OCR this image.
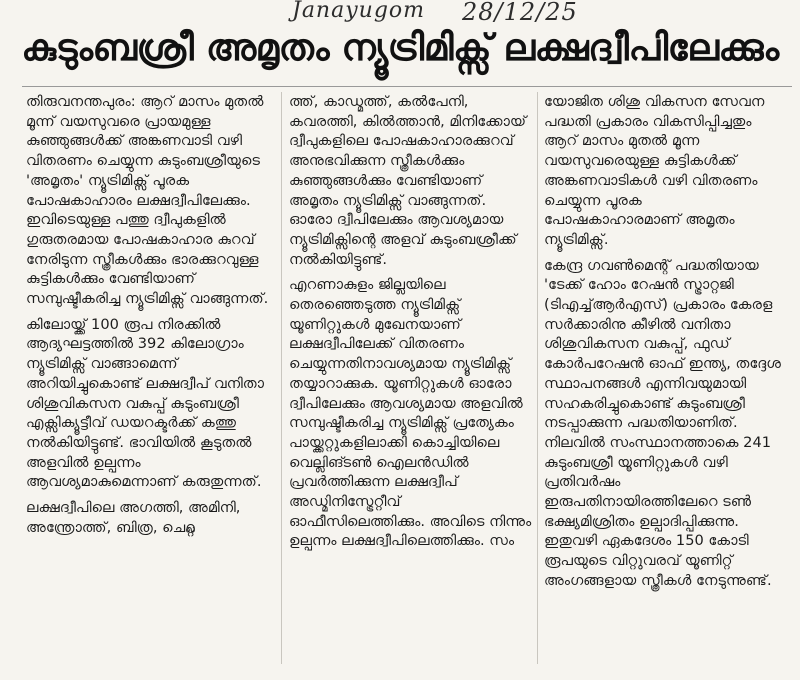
Janayugom 28/12/25
കുടുംബശ്രീ അമൃതം ന്യൂട്രിമിക്സ് ലക്ഷദ്വീപിലേക്കും

തിരുവനന്തപുരം: ആറ് മാസം മുതൽ മൂന്ന് വയസുവരെ പ്രായമുള്ള കുഞ്ഞുങ്ങൾക്ക് അങ്കണവാടി വഴി വിതരണം ചെയ്യുന്ന കുടുംബശ്രീയുടെ 'അമൃതം' ന്യൂട്രിമിക്സ് പൂരക പോഷകാഹാരം ലക്ഷദ്വീപിലേക്കും. ഇവിടെയുള്ള പത്തു ദ്വീപുകളിൽ ഗുരുതരമായ പോഷകാഹാര കുറവ് നേരിടുന്ന സ്ത്രീകൾക്കും ഭാരക്കുറവുള്ള കുട്ടികൾക്കും വേണ്ടിയാണ് സമ്പുഷ്ടീകരിച്ച ന്യൂട്രിമിക്സ് വാങ്ങുന്നത്.

കിലോയ്ക്ക് 100 രൂപ നിരക്കിൽ ആദ്യഘട്ടത്തിൽ 392 കിലോഗ്രാം ന്യൂട്രിമിക്സ് വാങ്ങാമെന്ന് അറിയിച്ചുകൊണ്ട് ലക്ഷദ്വീപ് വനിതാ ശിശുവികസന വകുപ്പ് കുടുംബശ്രീ എക്സിക്യൂട്ടീവ് ഡയറക്ടർക്ക് കത്തു നൽകിയിട്ടുണ്ട്. ഭാവിയിൽ കൂടുതൽ അളവിൽ ഉല്പന്നം ആവശ്യമാകുമെന്നാണ് കരുതുന്നത്.

ലക്ഷദ്വീപിലെ അഗത്തി, അമിനി, അന്ത്രോത്ത്, ബിത്ര, ചെറ്റ്ല

ത്ത്, കാഡ്മത്ത്, കൽപേനി, കവരത്തി, കിൽത്താൻ, മിനിക്കോയ് ദ്വീപുകളിലെ പോഷകാഹാരക്കുറവ് അനുഭവിക്കുന്ന സ്ത്രീകൾക്കും കുഞ്ഞുങ്ങൾക്കും വേണ്ടിയാണ് അമൃതം ന്യൂട്രിമിക്സ് വാങ്ങുന്നത്. ഓരോ ദ്വീപിലേക്കും ആവശ്യമായ ന്യൂട്രിമിക്സിന്റെ അളവ് കുടുംബശ്രീക്ക് നൽകിയിട്ടുണ്ട്.

എറണാകുളം ജില്ലയിലെ തെരഞ്ഞെടുത്ത ന്യൂട്രിമിക്സ് യൂണിറ്റുകൾ മുഖേനയാണ് ലക്ഷദ്വീപിലേക്ക് വിതരണം ചെയ്യുന്നതിനാവശ്യമായ ന്യൂട്രിമിക്സ് തയ്യാറാക്കുക. യൂണിറ്റുകൾ ഓരോ ദ്വീപിലേക്കും ആവശ്യമായ അളവിൽ സമ്പുഷ്ടീകരിച്ച ന്യൂട്രിമിക്സ് പ്രത്യേകം പായ്ക്കറ്റുകളിലാക്കി കൊച്ചിയിലെ വെല്ലിങ്ടൺ ഐലൻഡിൽ പ്രവർത്തിക്കുന്ന ലക്ഷദ്വീപ് അഡ്മിനിസ്ട്രേറ്റീവ് ഓഫീസിലെത്തിക്കും. അവിടെ നിന്നും ഉല്പന്നം ലക്ഷദ്വീപിലെത്തിക്കും. സം

യോജിത ശിശു വികസന സേവന പദ്ധതി പ്രകാരം വികസിപ്പിച്ചതും ആറ് മാസം മുതൽ മൂന്ന വയസുവരെയുള്ള കുട്ടികൾക്ക് അങ്കണവാടികൾ വഴി വിതരണം ചെയ്യുന്ന പൂരക പോഷകാഹാരമാണ് അമൃതം ന്യൂട്രിമിക്സ്.

കേന്ദ്ര ഗവൺമെന്റ് പദ്ധതിയായ 'ടേക്ക് ഹോം റേഷൻ സ്ട്രാറ്റജി (ടിഎച്ച്ആർഎസ്) പ്രകാരം കേരള സർക്കാരിനു കീഴിൽ വനിതാ ശിശുവികസന വകുപ്പ്, ഫുഡ് കോർപറേഷൻ ഓഫ് ഇന്ത്യ, തദ്ദേശ സ്ഥാപനങ്ങൾ എന്നിവയുമായി സഹകരിച്ചുകൊണ്ട് കുടുംബശ്രീ നടപ്പാക്കുന്ന പദ്ധതിയാണിത്. നിലവിൽ സംസ്ഥാനത്താകെ 241 കുടുംബശ്രീ യൂണിറ്റുകൾ വഴി പ്രതിവർഷം ഇരുപതിനായിരത്തിലേറെ ടൺ ഭക്ഷ്യമിശ്രിതം ഉല്പാദിപ്പിക്കുന്നു. ഇതുവഴി ഏകദേശം 150 കോടി രൂപയുടെ വിറ്റുവരവ് യൂണിറ്റ് അംഗങ്ങളായ സ്ത്രീകൾ നേടുന്നുണ്ട്.
